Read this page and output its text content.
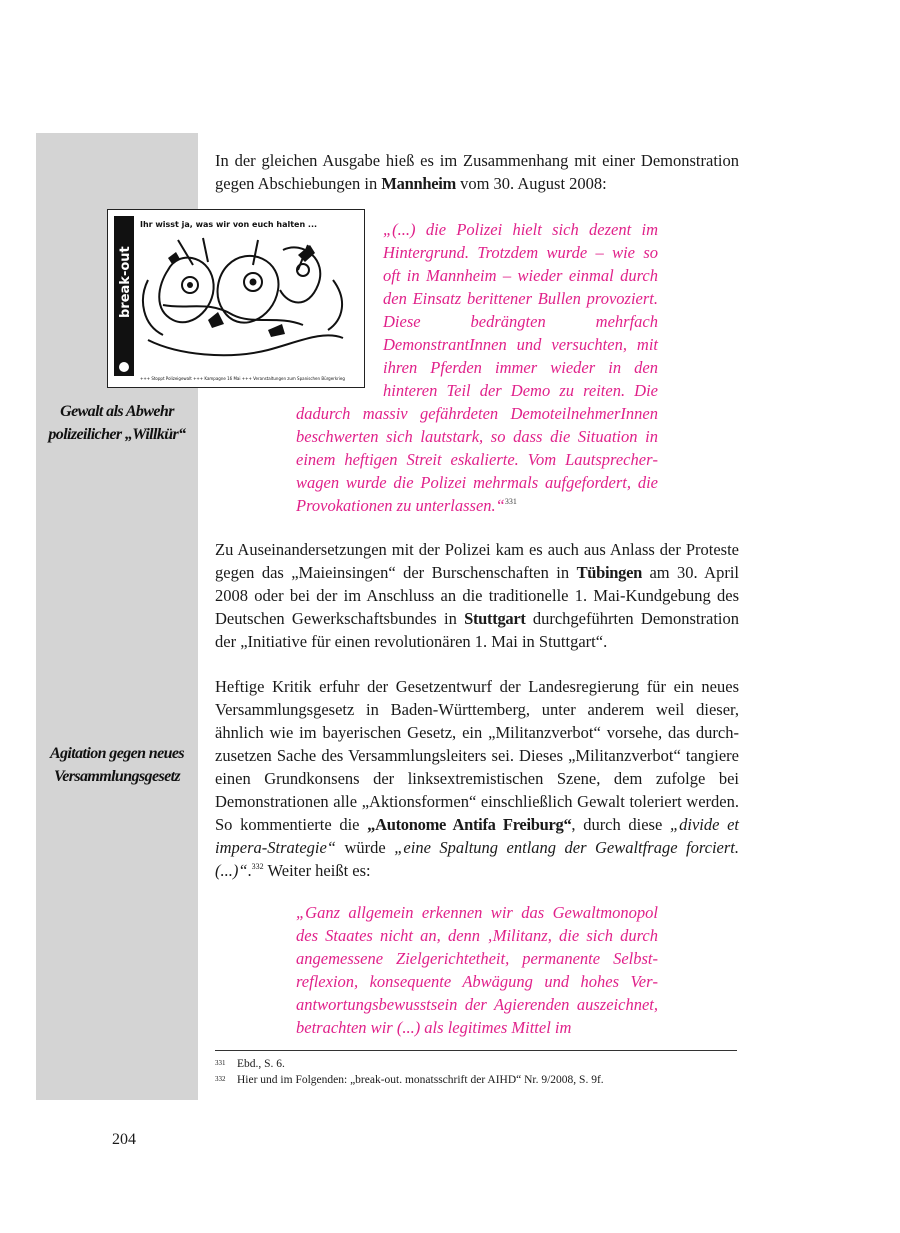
Gewalt als Abwehr polizeilicher „Willkür“
Agitation gegen neues Versammlungsgesetz

In der gleichen Ausgabe hieß es im Zusammenhang mit einer Demonstration gegen Abschiebungen in Mannheim vom 30. August 2008:

break-out
Ihr wisst ja, was wir von euch halten ...
+++ Stoppt Polizeigewalt +++ Kampagne 16 Mai +++ Veranstaltungen zum Spanischen Bürgerkrieg

„(...) die Polizei hielt sich dezent im Hintergrund. Trotzdem wurde – wie so oft in Mannheim – wieder einmal durch den Einsatz berittener Bullen provoziert. Diese bedrängten mehrfach DemonstrantInnen und versuchten, mit ihren Pferden immer wieder in den hinteren Teil der Demo zu reiten. Die dadurch massiv gefährdeten DemoteilnehmerInnen beschwerten sich lautstark, so dass die Situation in einem heftigen Streit eskalierte. Vom Lautsprecherwagen wurde die Polizei mehrmals aufgefordert, die Provokationen zu unterlassen.“$^{331}$

Zu Auseinandersetzungen mit der Polizei kam es auch aus Anlass der Proteste gegen das „Maieinsingen“ der Burschenschaften in Tübingen am 30. April 2008 oder bei der im Anschluss an die traditionelle 1. Mai-Kundgebung des Deutschen Gewerkschaftsbundes in Stuttgart durchgeführten Demonstration der „Initiative für einen revolutionären 1. Mai in Stuttgart“.

Heftige Kritik erfuhr der Gesetzentwurf der Landesregierung für ein neues Versammlungsgesetz in Baden-Württemberg, unter anderem weil dieser, ähnlich wie im bayerischen Gesetz, ein „Militanzverbot“ vorsehe, das durchzusetzen Sache des Versammlungsleiters sei. Dieses „Militanzverbot“ tangiere einen Grundkonsens der linksextremistischen Szene, dem zufolge bei Demonstrationen alle „Aktionsformen“ einschließlich Gewalt toleriert werden. So kommentierte die „Autonome Antifa Freiburg“, durch diese „divide et impera-Strategie“ würde „eine Spaltung entlang der Gewaltfrage forciert. (...)“.$^{332}$ Weiter heißt es:

„Ganz allgemein erkennen wir das Gewaltmonopol des Staates nicht an, denn ‚Militanz, die sich durch angemessene Zielgerichtetheit, permanente Selbstreflexion, konsequente Abwägung und hohes Verantwortungsbewusstsein der Agierenden auszeichnet, betrachten wir (...) als legitimes Mittel im

331 Ebd., S. 6.
332 Hier und im Folgenden: „break-out. monatsschrift der AIHD“ Nr. 9/2008, S. 9f.
204
